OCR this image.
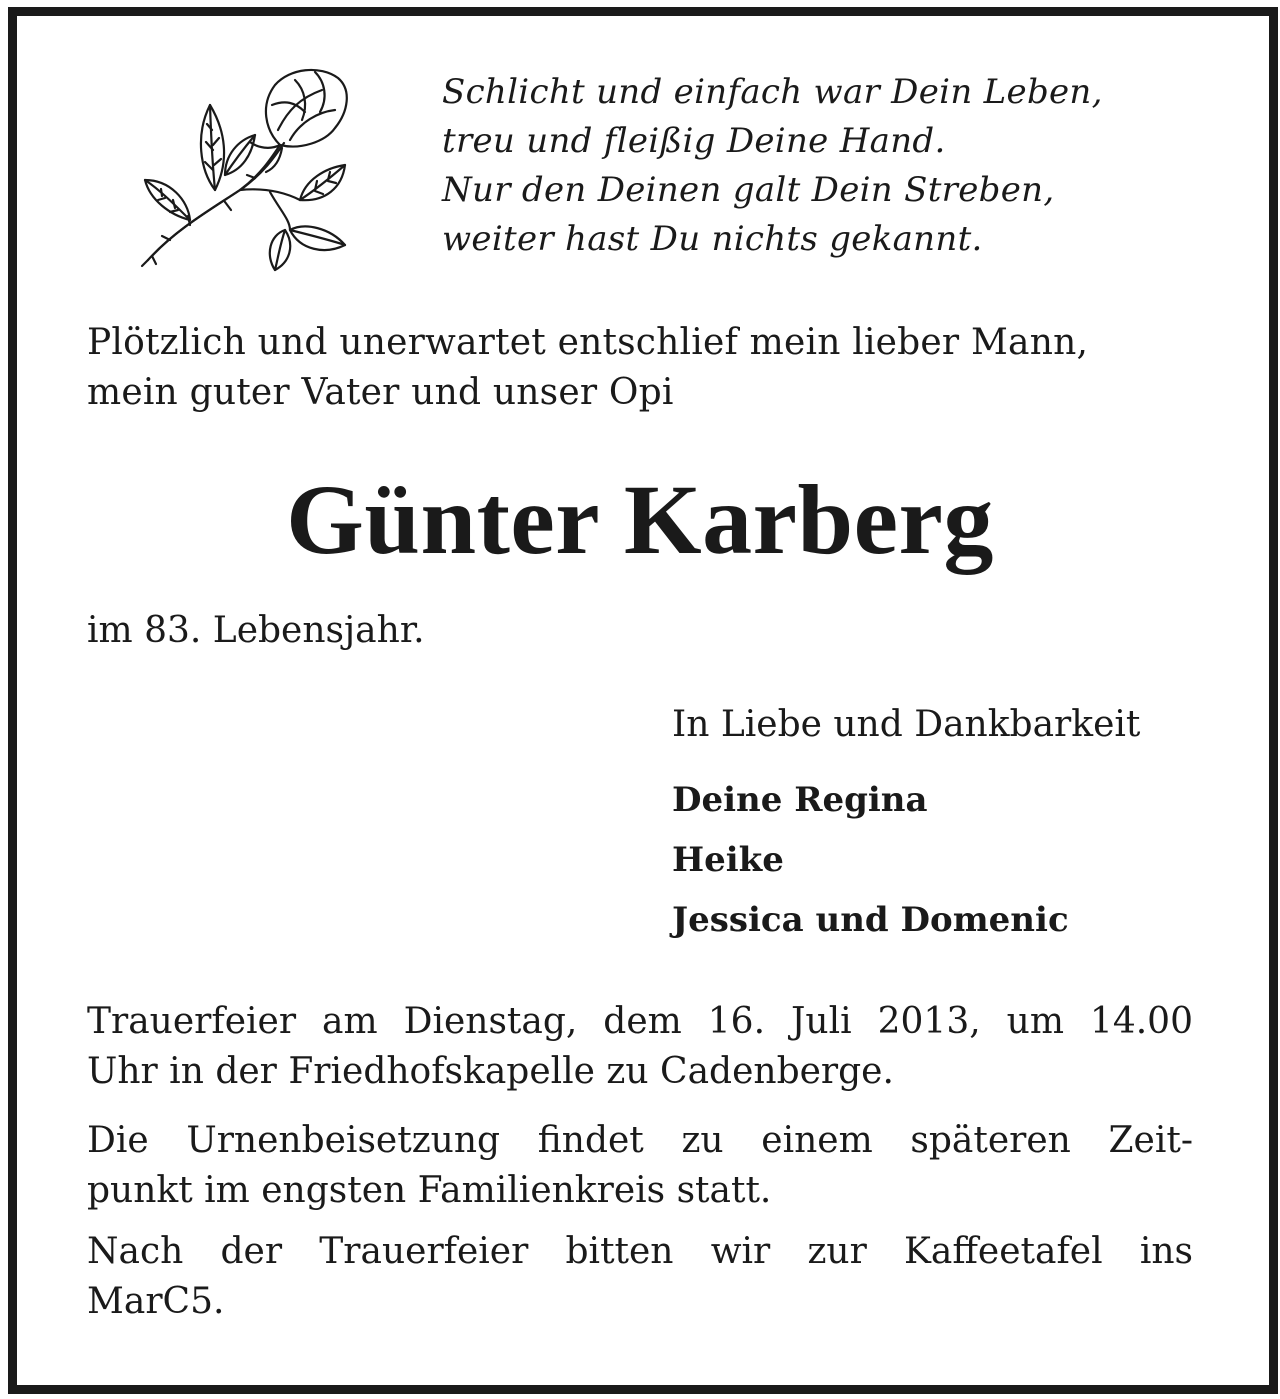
Schlicht und einfach war Dein Leben,
treu und fleißig Deine Hand.
Nur den Deinen galt Dein Streben,
weiter hast Du nichts gekannt.
Plötzlich und unerwartet entschlief mein lieber Mann,
mein guter Vater und unser Opi
Günter Karberg
im 83. Lebensjahr.
In Liebe und Dankbarkeit
Deine Regina
Heike
Jessica und Domenic
Trauerfeier am Dienstag, dem 16. Juli 2013, um 14.00
Uhr in der Friedhofskapelle zu Cadenberge.
Die Urnenbeisetzung findet zu einem späteren Zeit-
punkt im engsten Familienkreis statt.
Nach der Trauerfeier bitten wir zur Kaffeetafel ins
MarC5.
